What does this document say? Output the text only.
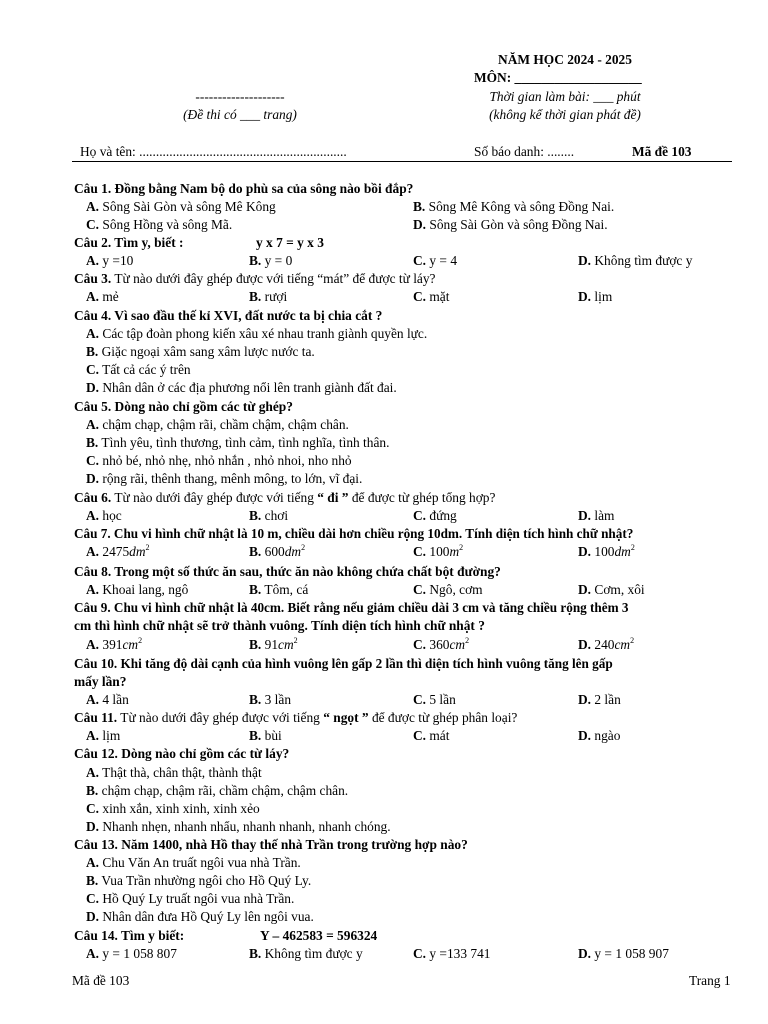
NĂM HỌC 2024 - 2025
MÔN: ___________________
--------------------	Thời gian làm bài: ___ phút
(Đề thi có ___ trang)	(không kể thời gian phát đề)
Họ và tên: ..............................................................	Số báo danh: ........	Mã đề 103
Câu 1. Đồng bằng Nam bộ do phù sa của sông nào bồi đắp?
A. Sông Sài Gòn và sông Mê Kông	B. Sông Mê Kông và sông Đồng Nai.
C. Sông Hồng và sông Mã.	D. Sông Sài Gòn và sông Đồng Nai.
Câu 2. Tìm y, biết :	y x 7 = y x 3
A. y =10	B. y = 0	C. y = 4	D. Không tìm được y
Câu 3. Từ nào dưới đây ghép được với tiếng “mát” để được từ láy?
A. mẻ	B. rượi	C. mặt	D. lịm
Câu 4. Vì sao đầu thế kỉ XVI, đất nước ta bị chia cắt ?
A. Các tập đoàn phong kiến xâu xé nhau tranh giành quyền lực.
B. Giặc ngoại xâm sang xâm lược nước ta.
C. Tất cả các ý trên
D. Nhân dân ở các địa phương nổi lên tranh giành đất đai.
Câu 5. Dòng nào chỉ gồm các từ ghép?
A. chậm chạp, chậm rãi, chầm chậm, chậm chân.
B. Tình yêu, tình thương, tình cảm, tình nghĩa, tình thân.
C. nhỏ bé, nhỏ nhẹ, nhỏ nhắn , nhỏ nhoi, nho nhỏ
D. rộng rãi, thênh thang, mênh mông, to lớn, vĩ đại.
Câu 6. Từ nào dưới đây ghép được với tiếng “ đi ” để được từ ghép tổng hợp?
A. học	B. chơi	C. đứng	D. làm
Câu 7. Chu vi hình chữ nhật là 10 m, chiều dài hơn chiều rộng 10dm. Tính diện tích hình chữ nhật?
A. $2475dm^2$	B. $600dm^2$	C. $100m^2$	D. $100dm^2$
Câu 8. Trong một số thức ăn sau, thức ăn nào không chứa chất bột đường?
A. Khoai lang, ngô	B. Tôm, cá	C. Ngô, cơm	D. Cơm, xôi
Câu 9. Chu vi hình chữ nhật là 40cm. Biết rằng nếu giảm chiều dài 3 cm và tăng chiều rộng thêm 3
cm thì hình chữ nhật sẽ trở thành vuông. Tính diện tích hình chữ nhật ?
A. $391cm^2$	B. $91cm^2$	C. $360cm^2$	D. $240cm^2$
Câu 10. Khi tăng độ dài cạnh của hình vuông lên gấp 2 lần thì diện tích hình vuông tăng lên gấp
mấy lần?
A. 4 lần	B. 3 lần	C. 5 lần	D. 2 lần
Câu 11. Từ nào dưới đây ghép được với tiếng “ ngọt ” để được từ ghép phân loại?
A. lịm	B. bùi	C. mát	D. ngào
Câu 12. Dòng nào chỉ gồm các từ láy?
A. Thật thà, chân thật, thành thật
B. chậm chạp, chậm rãi, chầm chậm, chậm chân.
C. xinh xắn, xinh xinh, xinh xẻo
D. Nhanh nhẹn, nhanh nhẩu, nhanh nhanh, nhanh chóng.
Câu 13. Năm 1400, nhà Hồ thay thế nhà Trần trong trường hợp nào?
A. Chu Văn An truất ngôi vua nhà Trần.
B. Vua Trần nhường ngôi cho Hồ Quý Ly.
C. Hồ Quý Ly truất ngôi vua nhà Trần.
D. Nhân dân đưa Hồ Quý Ly lên ngôi vua.
Câu 14. Tìm y biết:	Y – 462583 = 596324
A. y = 1 058 807	B. Không tìm được y	C. y =133 741	D. y = 1 058 907
Mã đề 103	Trang 1
